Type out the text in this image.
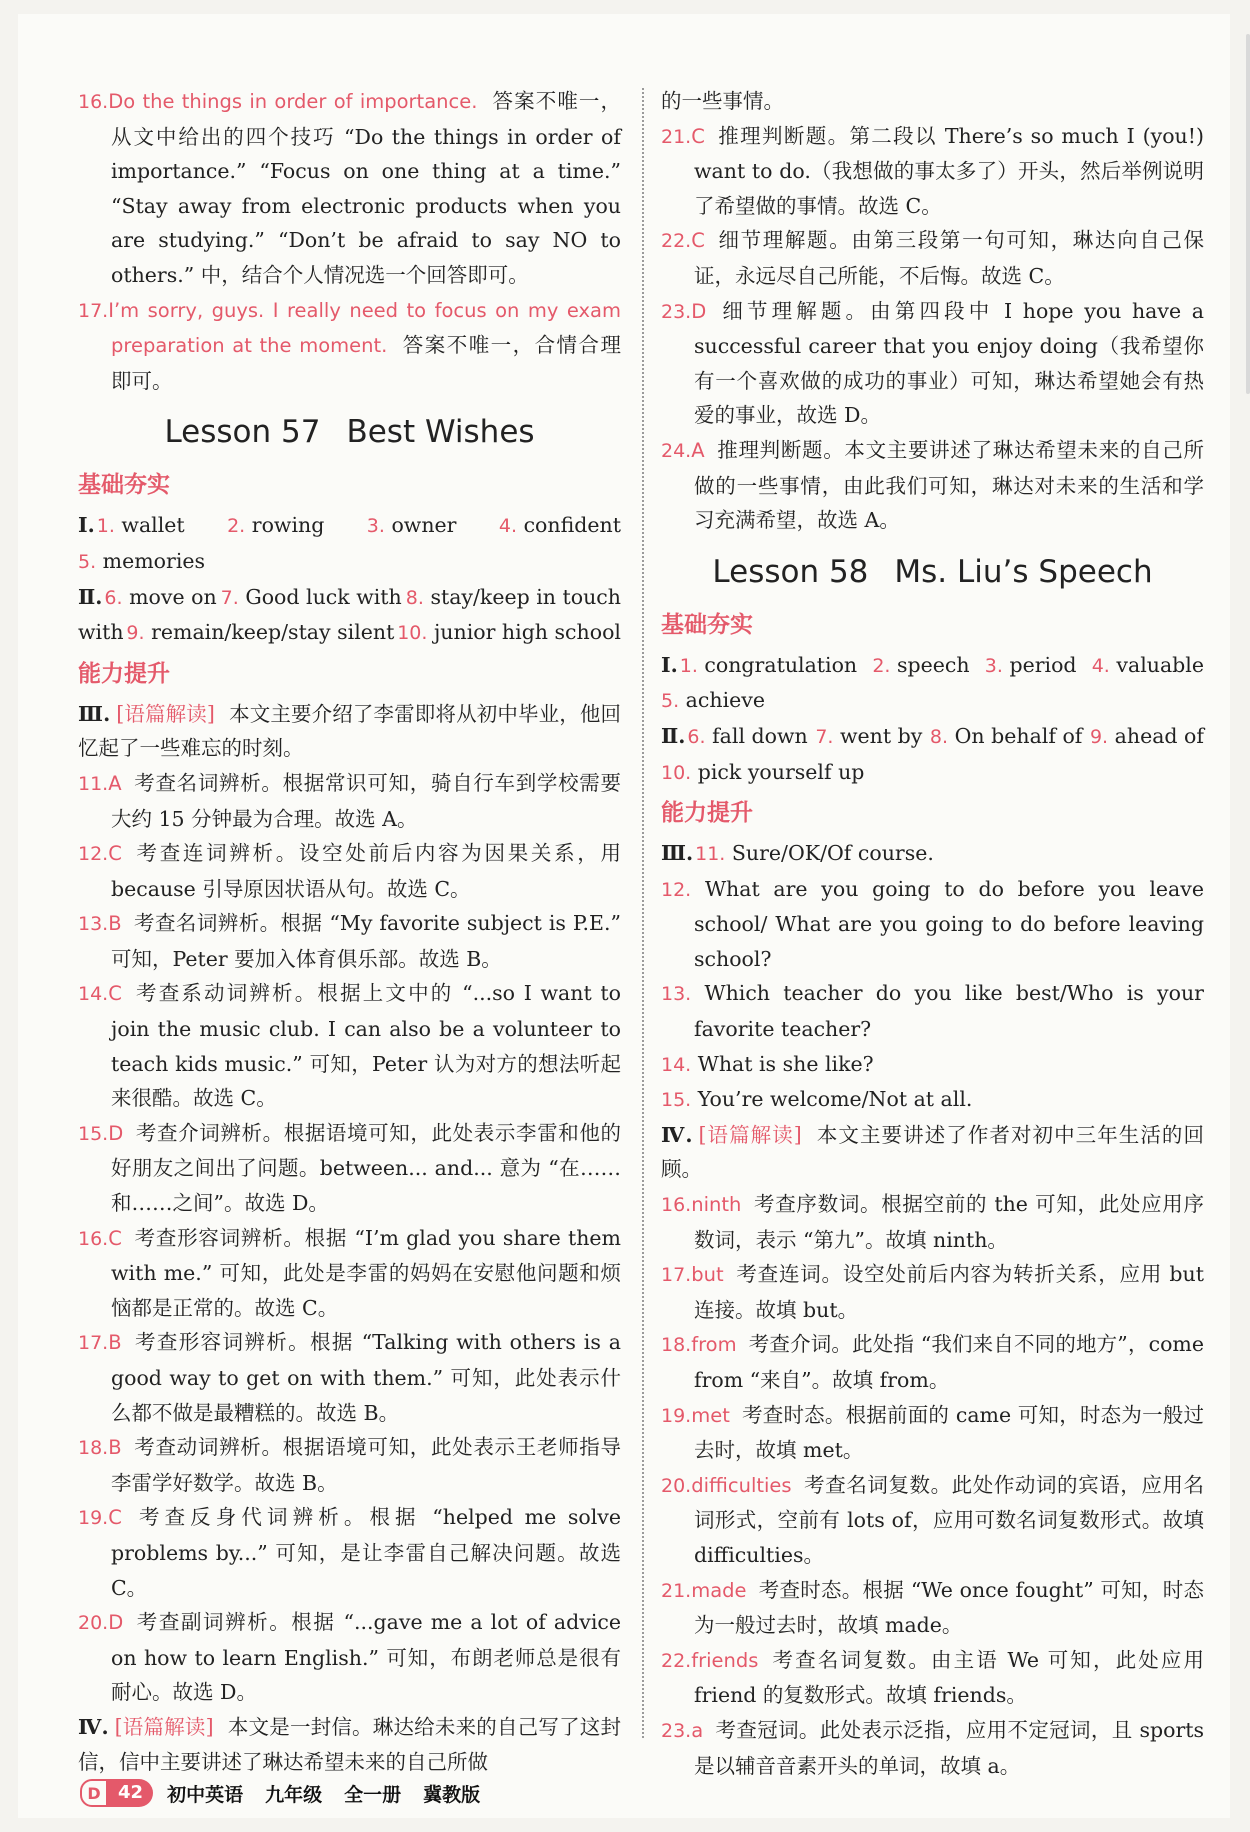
16.Do the things in order of importance. 答案不唯一，从文中给出的四个技巧 “Do the things in order of importance.” “Focus on one thing at a time.” “Stay away from electronic products when you are studying.” “Don’t be afraid to say NO to others.” 中，结合个人情况选一个回答即可。

17.I’m sorry, guys. I really need to focus on my exam preparation at the moment. 答案不唯一，合情合理即可。

Lesson 57 Best Wishes

基础夯实

Ⅰ. 1. wallet 2. rowing 3. owner 4. confident

5. memories

Ⅱ. 6. move on 7. Good luck with 8. stay/keep in touch
with 9. remain/keep/stay silent 10. junior high school

能力提升

Ⅲ. [语篇解读] 本文主要介绍了李雷即将从初中毕业，他回忆起了一些难忘的时刻。

11.A 考查名词辨析。根据常识可知，骑自行车到学校需要大约 15 分钟最为合理。故选 A。

12.C 考查连词辨析。设空处前后内容为因果关系，用 because 引导原因状语从句。故选 C。

13.B 考查名词辨析。根据 “My favorite subject is P.E.” 可知，Peter 要加入体育俱乐部。故选 B。

14.C 考查系动词辨析。根据上文中的 “...so I want to join the music club. I can also be a volunteer to teach kids music.” 可知，Peter 认为对方的想法听起来很酷。故选 C。

15.D 考查介词辨析。根据语境可知，此处表示李雷和他的好朋友之间出了问题。between... and... 意为 “在……和……之间”。故选 D。

16.C 考查形容词辨析。根据 “I’m glad you share them with me.” 可知，此处是李雷的妈妈在安慰他问题和烦恼都是正常的。故选 C。

17.B 考查形容词辨析。根据 “Talking with others is a good way to get on with them.” 可知，此处表示什么都不做是最糟糕的。故选 B。

18.B 考查动词辨析。根据语境可知，此处表示王老师指导李雷学好数学。故选 B。

19.C 考查反身代词辨析。根据 “helped me solve problems by...” 可知，是让李雷自己解决问题。故选 C。

20.D 考查副词辨析。根据 “...gave me a lot of advice on how to learn English.” 可知，布朗老师总是很有耐心。故选 D。

Ⅳ. [语篇解读] 本文是一封信。琳达给未来的自己写了这封信，信中主要讲述了琳达希望未来的自己所做

的一些事情。

21.C 推理判断题。第二段以 There’s so much I (you!) want to do.（我想做的事太多了）开头，然后举例说明了希望做的事情。故选 C。

22.C 细节理解题。由第三段第一句可知，琳达向自己保证，永远尽自己所能，不后悔。故选 C。

23.D 细节理解题。由第四段中 I hope you have a successful career that you enjoy doing（我希望你有一个喜欢做的成功的事业）可知，琳达希望她会有热爱的事业，故选 D。

24.A 推理判断题。本文主要讲述了琳达希望未来的自己所做的一些事情，由此我们可知，琳达对未来的生活和学习充满希望，故选 A。

Lesson 58 Ms. Liu’s Speech

基础夯实

Ⅰ. 1. congratulation 2. speech 3. period 4. valuable

5. achieve

Ⅱ. 6. fall down 7. went by 8. On behalf of 9. ahead of

10. pick yourself up

能力提升

Ⅲ. 11. Sure/OK/Of course.

12. What are you going to do before you leave school/ What are you going to do before leaving school?

13. Which teacher do you like best/Who is your favorite teacher?

14. What is she like?

15. You’re welcome/Not at all.

Ⅳ. [语篇解读] 本文主要讲述了作者对初中三年生活的回顾。

16.ninth 考查序数词。根据空前的 the 可知，此处应用序数词，表示 “第九”。故填 ninth。

17.but 考查连词。设空处前后内容为转折关系，应用 but 连接。故填 but。

18.from 考查介词。此处指 “我们来自不同的地方”，come from “来自”。故填 from。

19.met 考查时态。根据前面的 came 可知，时态为一般过去时，故填 met。

20.difficulties 考查名词复数。此处作动词的宾语，应用名词形式，空前有 lots of，应用可数名词复数形式。故填 difficulties。

21.made 考查时态。根据 “We once fought” 可知，时态为一般过去时，故填 made。

22.friends 考查名词复数。由主语 We 可知，此处应用 friend 的复数形式。故填 friends。

23.a 考查冠词。此处表示泛指，应用不定冠词，且 sports 是以辅音音素开头的单词，故填 a。

D 42	初中英语 九年级 全一册 冀教版
